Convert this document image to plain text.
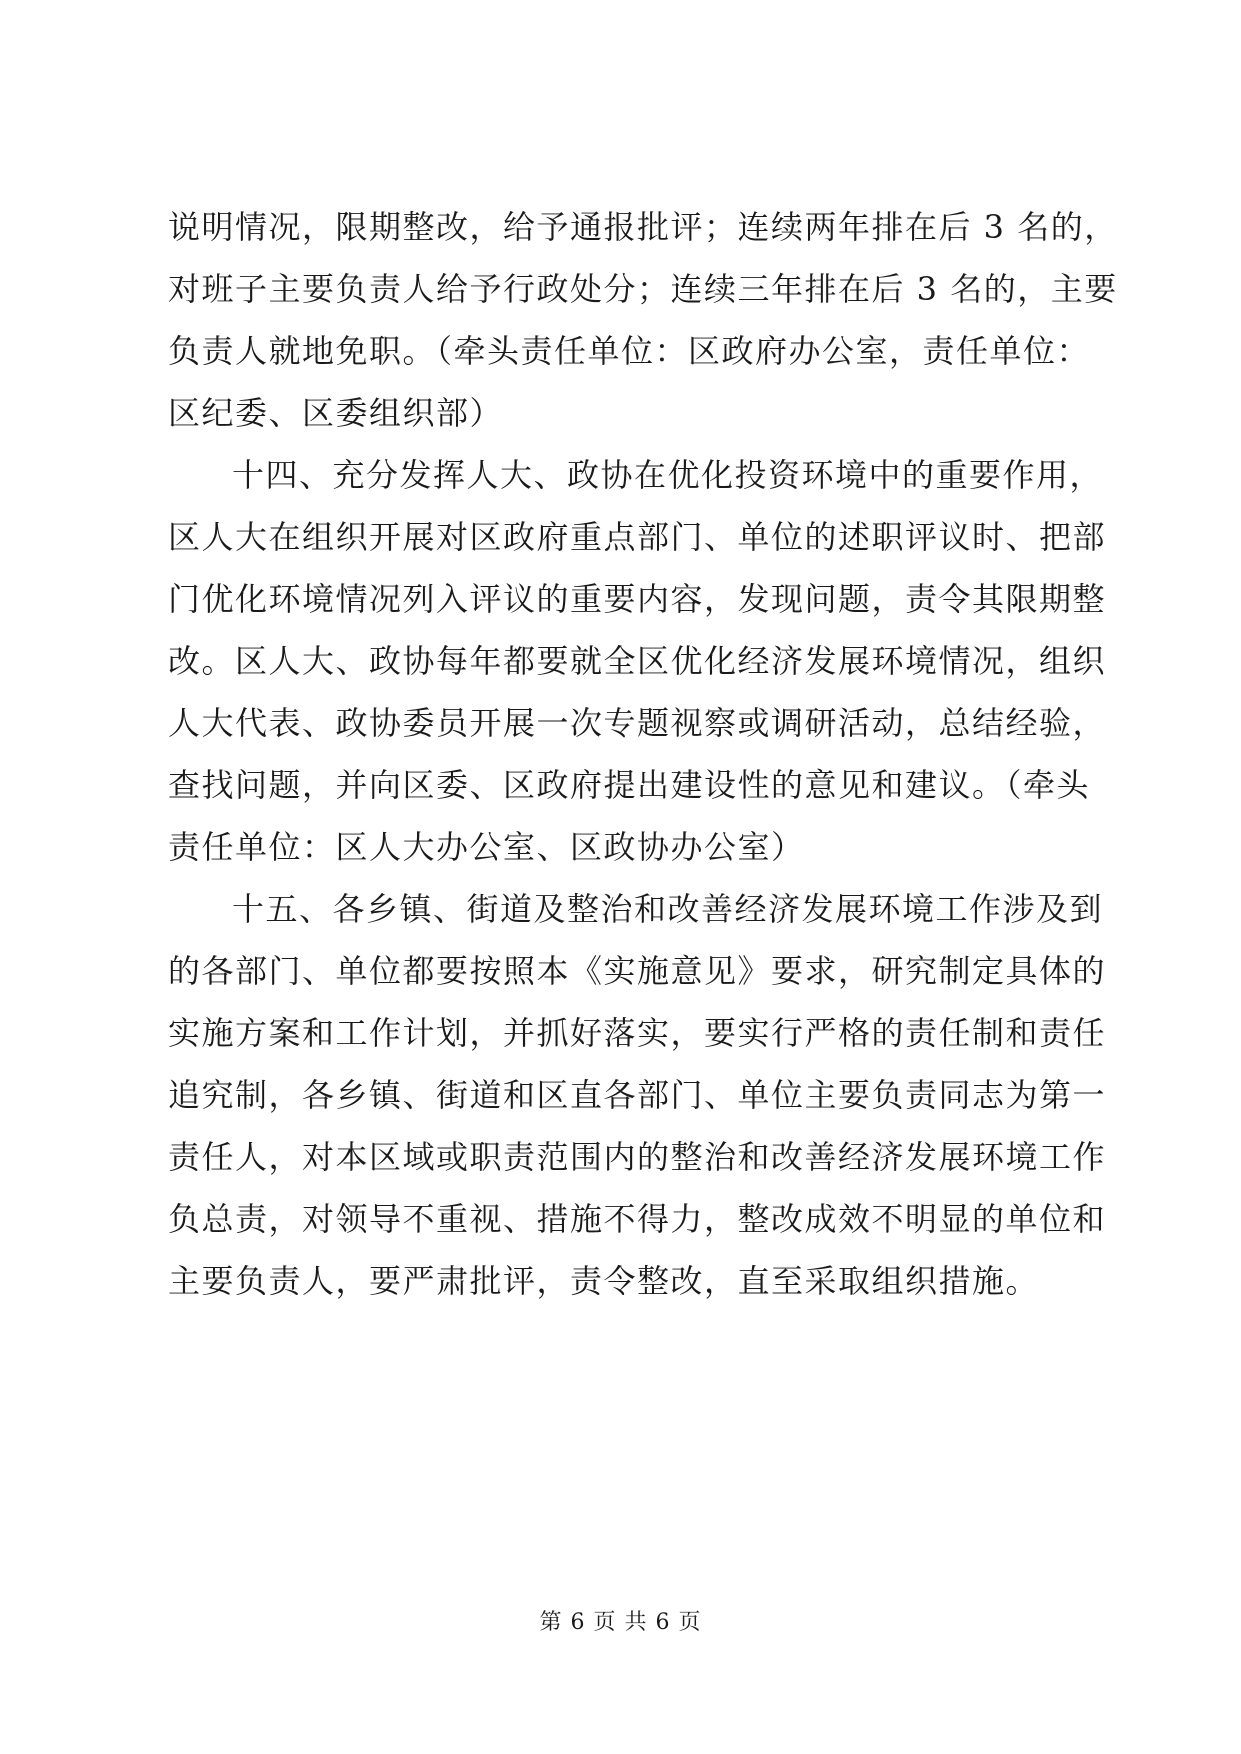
说明情况，限期整改，给予通报批评；连续两年排在后 3 名的，
对班子主要负责人给予行政处分；连续三年排在后 3 名的，主要
负责人就地免职。（牵头责任单位：区政府办公室，责任单位：
区纪委、区委组织部）
十四、充分发挥人大、政协在优化投资环境中的重要作用，
区人大在组织开展对区政府重点部门、单位的述职评议时、把部
门优化环境情况列入评议的重要内容，发现问题，责令其限期整
改。区人大、政协每年都要就全区优化经济发展环境情况，组织
人大代表、政协委员开展一次专题视察或调研活动，总结经验，
查找问题，并向区委、区政府提出建设性的意见和建议。（牵头
责任单位：区人大办公室、区政协办公室）
十五、各乡镇、街道及整治和改善经济发展环境工作涉及到
的各部门、单位都要按照本《实施意见》要求，研究制定具体的
实施方案和工作计划，并抓好落实，要实行严格的责任制和责任
追究制，各乡镇、街道和区直各部门、单位主要负责同志为第一
责任人，对本区域或职责范围内的整治和改善经济发展环境工作
负总责，对领导不重视、措施不得力，整改成效不明显的单位和
主要负责人，要严肃批评，责令整改，直至采取组织措施。
第 6 页 共 6 页
